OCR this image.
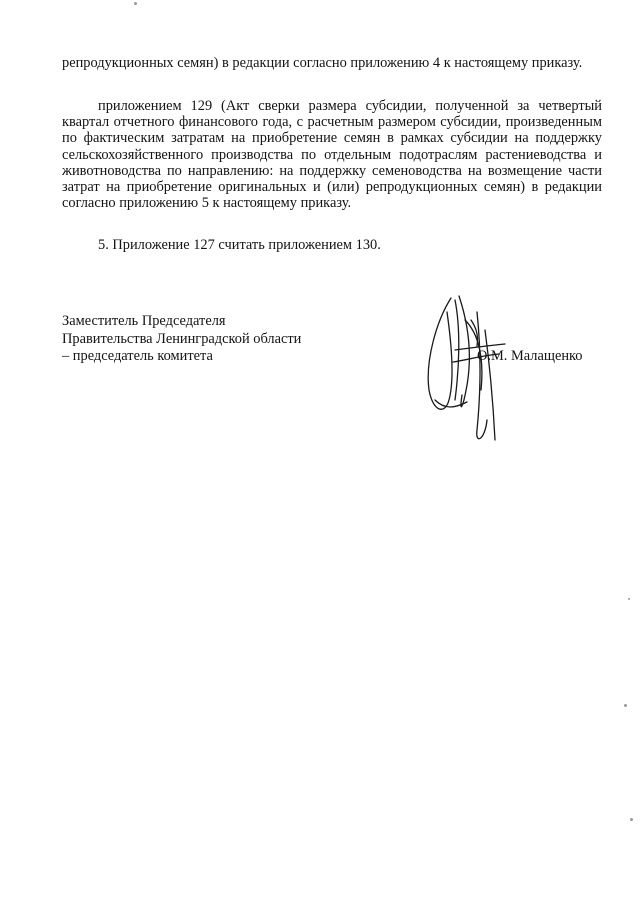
репродукционных семян) в редакции согласно приложению 4 к настоящему приказу.

приложением 129 (Акт сверки размера субсидии, полученной за четвертый квартал отчетного финансового года, с расчетным размером субсидии, произведенным по фактическим затратам на приобретение семян в рамках субсидии на поддержку сельскохозяйственного производства по отдельным подотраслям растениеводства и животноводства по направлению: на поддержку семеноводства на возмещение части затрат на приобретение оригинальных и (или) репродукционных семян) в редакции согласно приложению 5 к настоящему приказу.

5. Приложение 127 считать приложением 130.

Заместитель Председателя
Правительства Ленинградской области
– председатель комитета	О.М. Малащенко
